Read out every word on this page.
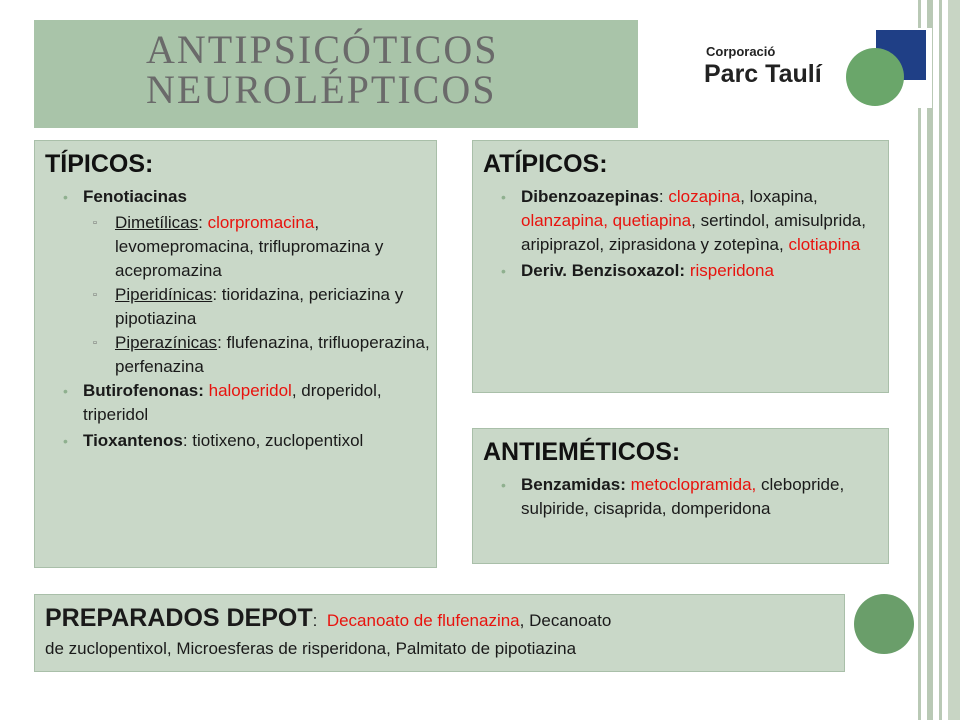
ANTIPSICÓTICOS
NEUROLÉPTICOS
Corporació
Parc Taulí
TÍPICOS:
• Fenotiacinas
▫ Dimetílicas: clorpromacina, levomepromacina, triflupromazina y acepromazina
▫ Piperidínicas: tioridazina, periciazina y pipotiazina
▫ Piperazínicas: flufenazina, trifluoperazina, perfenazina
• Butirofenonas: haloperidol, droperidol, triperidol
• Tioxantenos: tiotixeno, zuclopentixol
ATÍPICOS:
• Dibenzoazepinas: clozapina, loxapina, olanzapina, quetiapina, sertindol, amisulprida, aripiprazol, ziprasidona y zotepìna, clotiapina
• Deriv. Benzisoxazol: risperidona
ANTIEMÉTICOS:
• Benzamidas: metoclopramida, clebopride, sulpiride, cisaprida, domperidona
PREPARADOS DEPOT: Decanoato de flufenazina, Decanoato
de zuclopentixol, Microesferas de risperidona, Palmitato de pipotiazina
